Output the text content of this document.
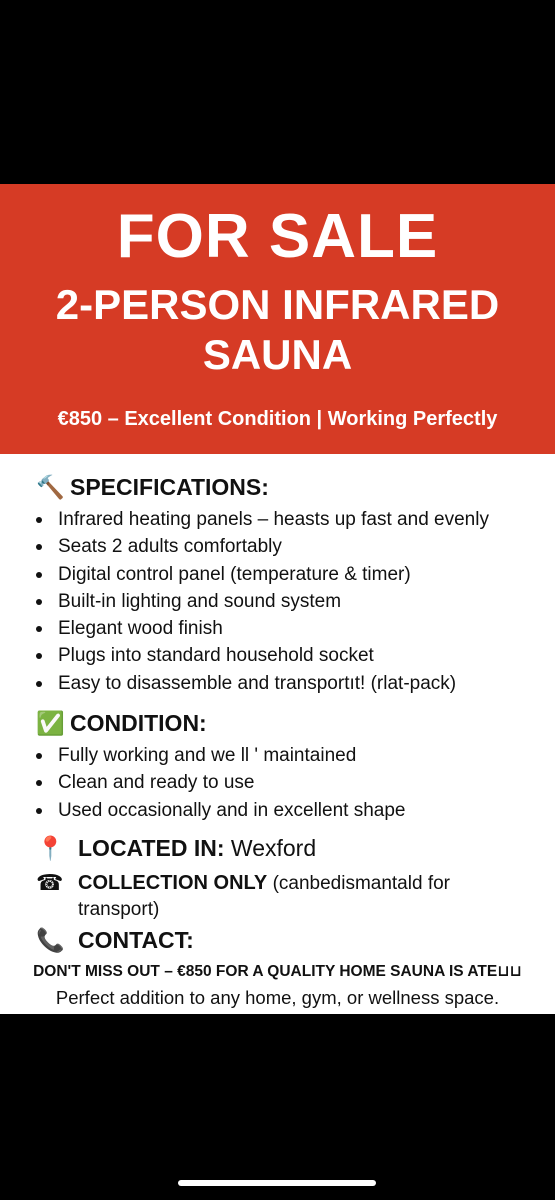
FOR SALE
2-PERSON INFRARED
SAUNA
€850 – Excellent Condition | Working Perfectly
🔨 SPECIFICATIONS:
Infrared heating panels – heasts up fast and evenly
Seats 2 adults comfortably
Digital control panel (temperature & timer)
Built-in lighting and sound system
Elegant wood finish
Plugs into standard household socket
Easy to disassemble and transportıt! (rlat-pack)
✅ CONDITION:
Fully working and we ll ' maintained
Clean and ready to use
Used occasionally and in excellent shape
📍 LOCATED IN: Wexford
☎ COLLECTION ONLY (canbedismantald for transport)
📞 CONTACT:
DON'T MISS OUT – €850 FOR A QUALITY HOME SAUNA IS ATE⊔⊔
Perfect addition to any home, gym, or wellness space.
